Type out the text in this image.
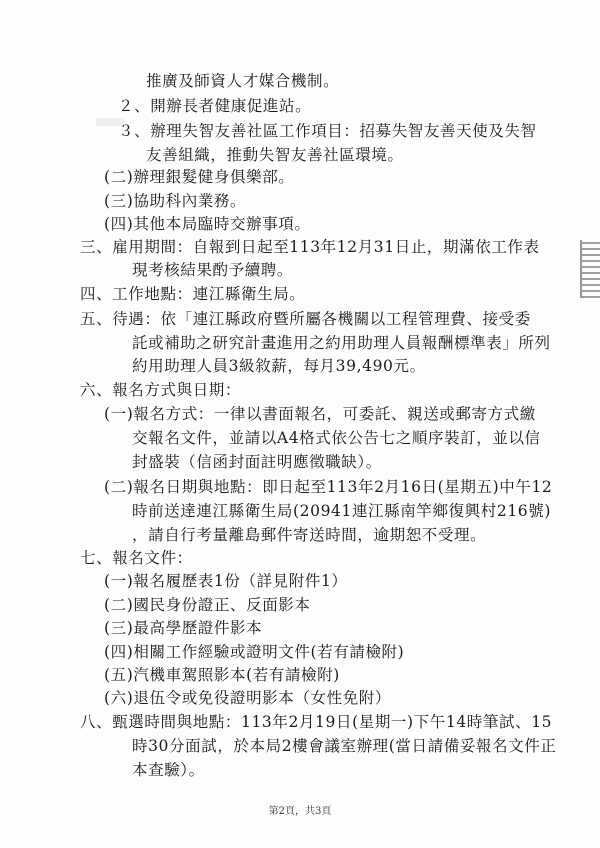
推廣及師資人才媒合機制。
２、開辦長者健康促進站。
３、辦理失智友善社區工作項目：招募失智友善天使及失智
友善組織，推動失智友善社區環境。
(二)辦理銀髮健身俱樂部。
(三)協助科內業務。
(四)其他本局臨時交辦事項。
三、雇用期間：自報到日起至113年12月31日止，期滿依工作表
現考核結果酌予續聘。
四、工作地點：連江縣衛生局。
五、待遇：依「連江縣政府暨所屬各機關以工程管理費、接受委
託或補助之研究計畫進用之約用助理人員報酬標準表」所列
約用助理人員3級敘薪，每月39,490元。
六、報名方式與日期：
(一)報名方式：一律以書面報名，可委託、親送或郵寄方式繳
交報名文件，並請以A4格式依公告七之順序裝訂，並以信
封盛裝（信函封面註明應徵職缺）。
(二)報名日期與地點：即日起至113年2月16日(星期五)中午12
時前送達連江縣衛生局(20941連江縣南竿鄉復興村216號)
，請自行考量離島郵件寄送時間，逾期恕不受理。
七、報名文件：
(一)報名履歷表1份（詳見附件1）
(二)國民身份證正、反面影本
(三)最高學歷證件影本
(四)相關工作經驗或證明文件(若有請檢附)
(五)汽機車駕照影本(若有請檢附)
(六)退伍令或免役證明影本（女性免附）
八、甄選時間與地點：113年2月19日(星期一)下午14時筆試、15
時30分面試，於本局2樓會議室辦理(當日請備妥報名文件正
本查驗）。
第2頁，共3頁
